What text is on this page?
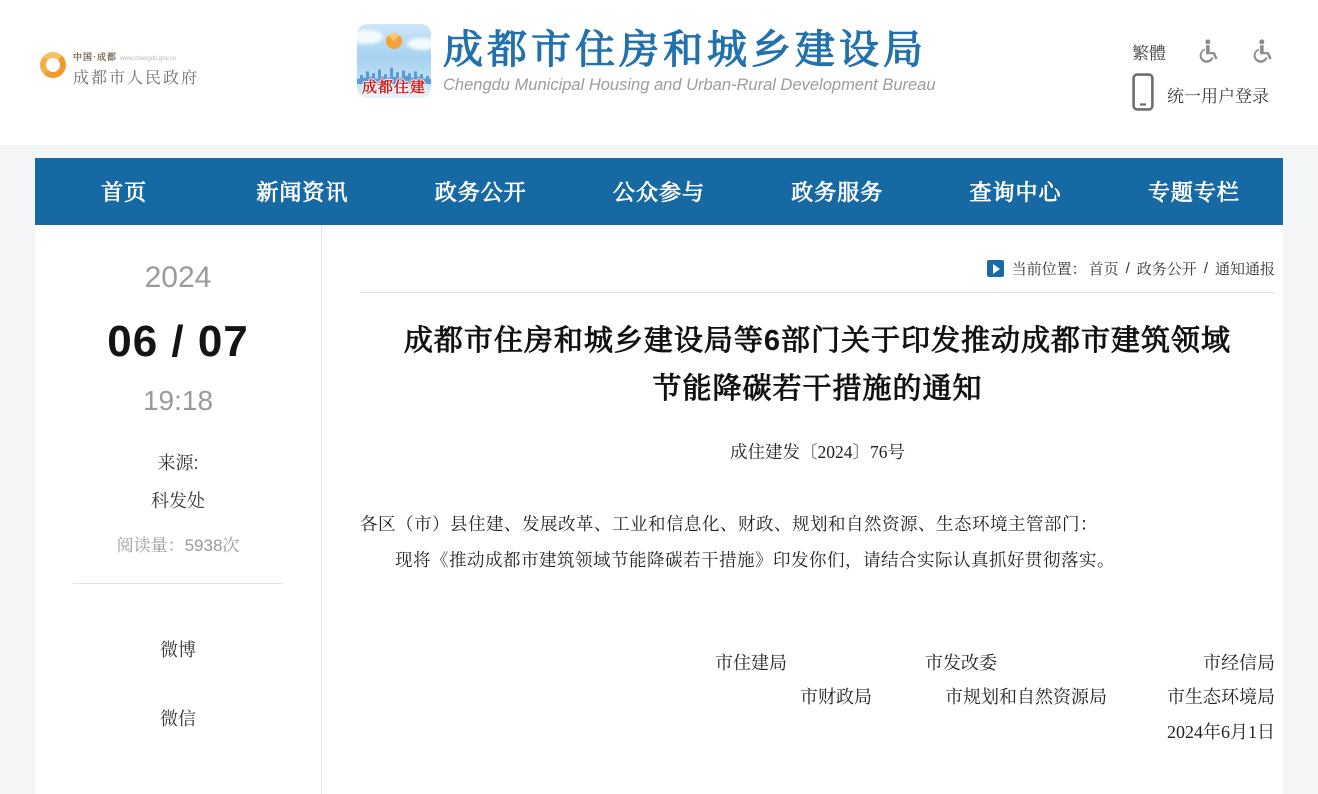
中国·成都 www.chengdu.gov.cn
成都市人民政府
成都住建
成都市住房和城乡建设局
Chengdu Municipal Housing and Urban-Rural Development Bureau
繁體
统一用户登录
首页	新闻资讯	政务公开	公众参与	政务服务	查询中心	专题专栏
2024
06 / 07
19:18
来源:
科发处
阅读量：5938次
微博
微信
当前位置： 首页 / 政务公开 / 通知通报
成都市住房和城乡建设局等6部门关于印发推动成都市建筑领域节能降碳若干措施的通知
成住建发〔2024〕76号

各区（市）县住建、发展改革、工业和信息化、财政、规划和自然资源、生态环境主管部门：

现将《推动成都市建筑领域节能降碳若干措施》印发你们，请结合实际认真抓好贯彻落实。

市住建局	市发改委	市经信局
市财政局	市规划和自然资源局	市生态环境局
2024年6月1日
